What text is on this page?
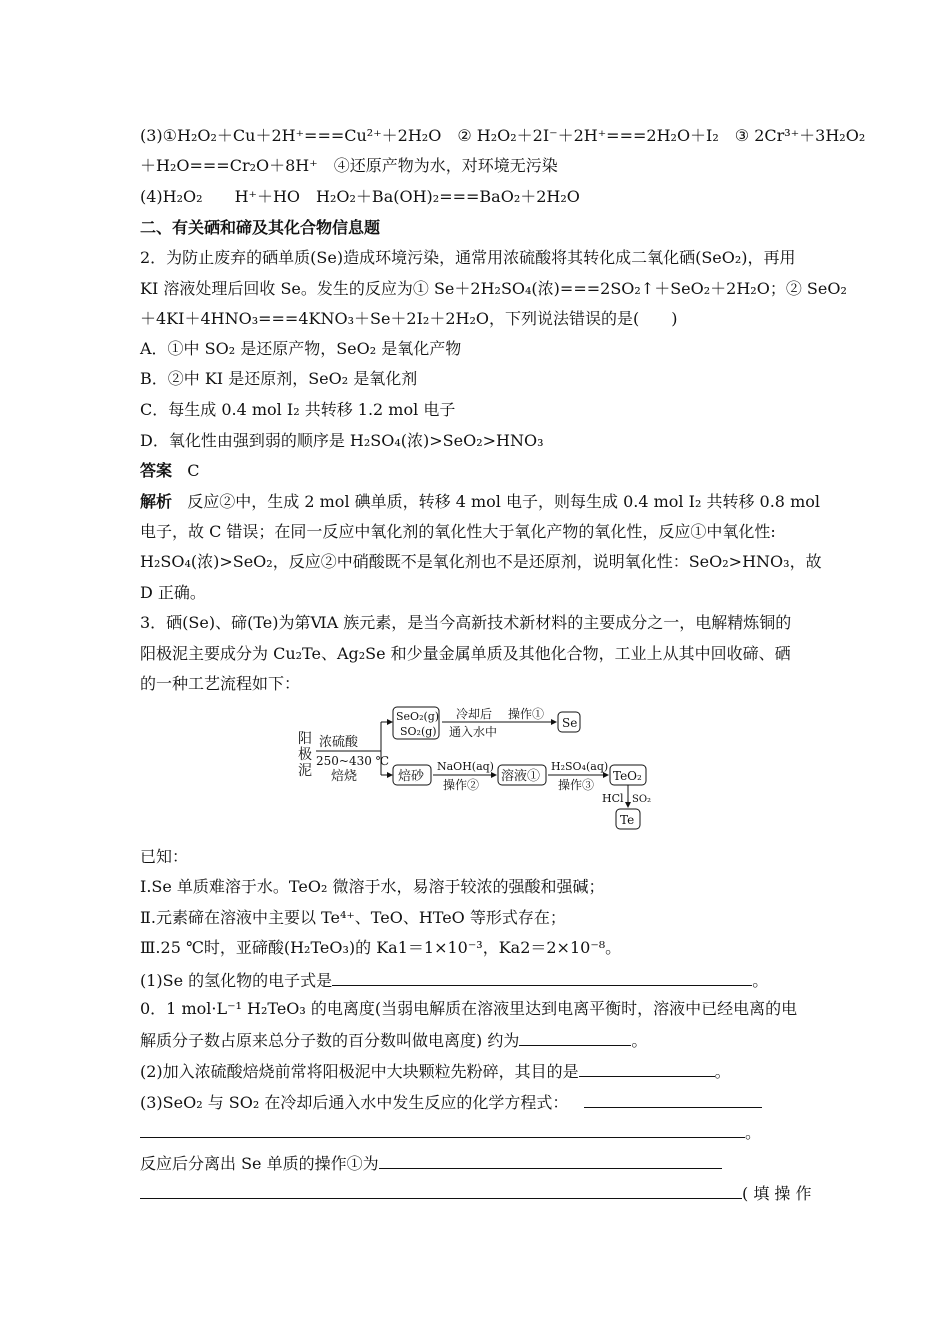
(3)①H₂O₂＋Cu＋2H⁺===Cu²⁺＋2H₂O　② H₂O₂＋2I⁻＋2H⁺===2H₂O＋I₂　③ 2Cr³⁺＋3H₂O₂
＋H₂O===Cr₂O＋8H⁺　④还原产物为水，对环境无污染
(4)H₂O₂　　H⁺＋HO　H₂O₂＋Ba(OH)₂===BaO₂＋2H₂O
二、有关硒和碲及其化合物信息题
2．为防止废弃的硒单质(Se)造成环境污染，通常用浓硫酸将其转化成二氧化硒(SeO₂)，再用
KI 溶液处理后回收 Se。发生的反应为① Se＋2H₂SO₄(浓)===2SO₂↑＋SeO₂＋2H₂O；② SeO₂
＋4KI＋4HNO₃===4KNO₃＋Se＋2I₂＋2H₂O，下列说法错误的是(　　)
A．①中 SO₂ 是还原产物，SeO₂ 是氧化产物
B．②中 KI 是还原剂，SeO₂ 是氧化剂
C．每生成 0.4 mol I₂ 共转移 1.2 mol 电子
D．氧化性由强到弱的顺序是 H₂SO₄(浓)>SeO₂>HNO₃
答案 C
解析 反应②中，生成 2 mol 碘单质，转移 4 mol 电子，则每生成 0.4 mol I₂ 共转移 0.8 mol
电子，故 C 错误；在同一反应中氧化剂的氧化性大于氧化产物的氧化性，反应①中氧化性:
H₂SO₄(浓)>SeO₂，反应②中硝酸既不是氧化剂也不是还原剂，说明氧化性：SeO₂>HNO₃，故
D 正确。
3．硒(Se)、碲(Te)为第ⅥA 族元素，是当今高新技术新材料的主要成分之一，电解精炼铜的
阳极泥主要成分为 Cu₂Te、Ag₂Se 和少量金属单质及其他化合物，工业上从其中回收碲、硒
的一种工艺流程如下：
阳
极
泥
浓硫酸
250~430 ℃
焙烧
SeO₂(g)
SO₂(g)
冷却后
通入水中
操作①
Se
焙砂
NaOH(aq)
操作②
溶液①
H₂SO₄(aq)
操作③
TeO₂
HCl SO₂
Te
已知：
Ⅰ.Se 单质难溶于水。TeO₂ 微溶于水，易溶于较浓的强酸和强碱；
Ⅱ.元素碲在溶液中主要以 Te⁴⁺、TeO、HTeO 等形式存在；
Ⅲ.25 ℃时，亚碲酸(H₂TeO₃)的 Ka1＝1×10⁻³，Ka2＝2×10⁻⁸。
(1)Se 的氢化物的电子式是	。
0．1 mol·L⁻¹ H₂TeO₃ 的电离度(当弱电解质在溶液里达到电离平衡时，溶液中已经电离的电
解质分子数占原来总分子数的百分数叫做电离度) 约为	。
(2)加入浓硫酸焙烧前常将阳极泥中大块颗粒先粉碎，其目的是	。
(3)SeO₂ 与 SO₂ 在冷却后通入水中发生反应的化学方程式：
。
反应后分离出 Se 单质的操作①为
( 填 操 作
